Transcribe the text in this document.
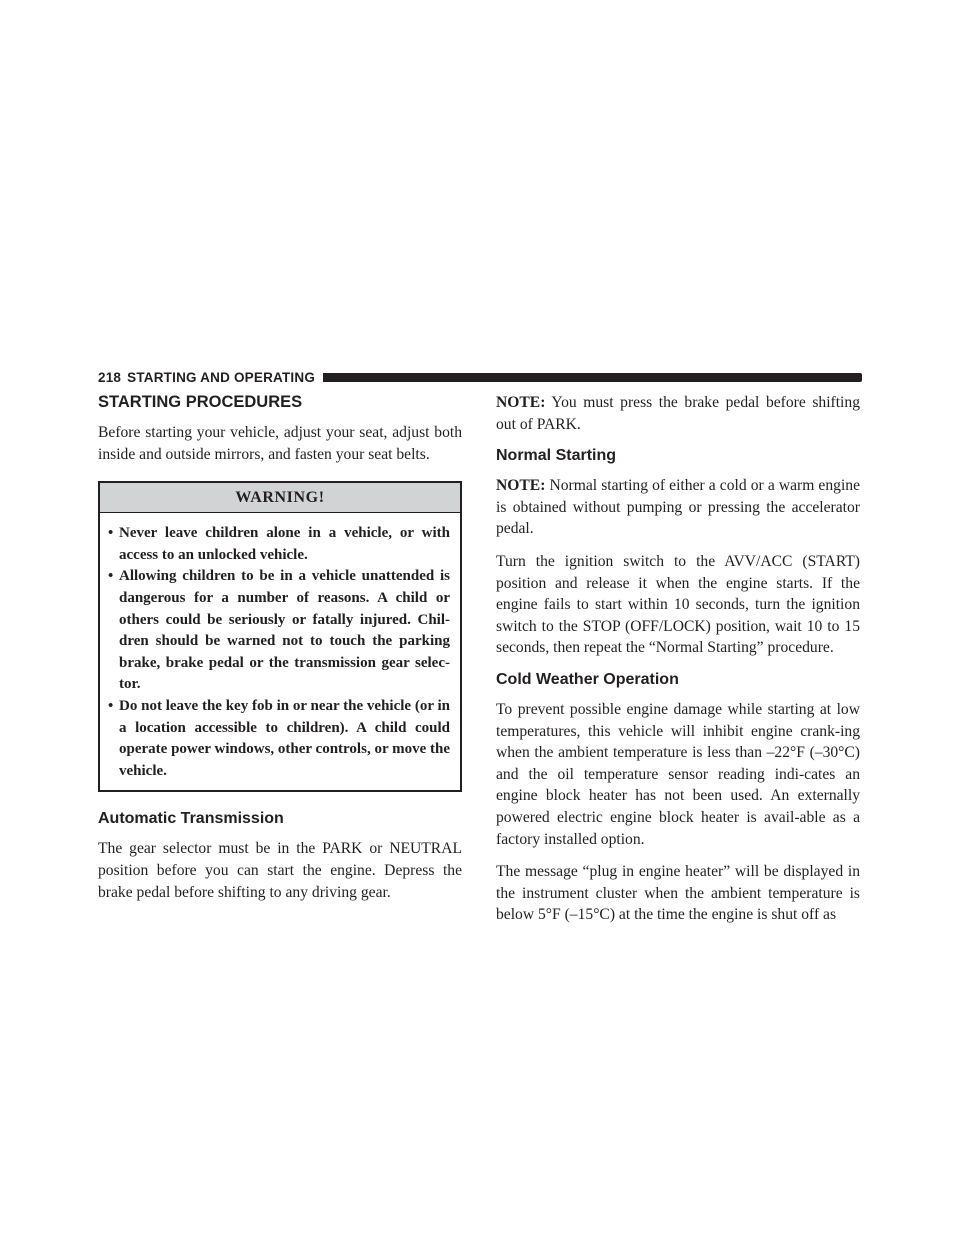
218 STARTING AND OPERATING
STARTING PROCEDURES

Before starting your vehicle, adjust your seat, adjust both inside and outside mirrors, and fasten your seat belts.

WARNING!
• Never leave children alone in a vehicle, or with access to an unlocked vehicle.
• Allowing children to be in a vehicle unattended is dangerous for a number of reasons. A child or others could be seriously or fatally injured. Chil-dren should be warned not to touch the parking brake, brake pedal or the transmission gear selec-tor.
• Do not leave the key fob in or near the vehicle (or in a location accessible to children). A child could operate power windows, other controls, or move the vehicle.
Automatic Transmission

The gear selector must be in the PARK or NEUTRAL position before you can start the engine. Depress the brake pedal before shifting to any driving gear.

NOTE: You must press the brake pedal before shifting out of PARK.

Normal Starting

NOTE: Normal starting of either a cold or a warm engine is obtained without pumping or pressing the accelerator pedal.

Turn the ignition switch to the AVV/ACC (START) position and release it when the engine starts. If the engine fails to start within 10 seconds, turn the ignition switch to the STOP (OFF/LOCK) position, wait 10 to 15 seconds, then repeat the “Normal Starting” procedure.

Cold Weather Operation

To prevent possible engine damage while starting at low temperatures, this vehicle will inhibit engine crank-ing when the ambient temperature is less than –22°F (–30°C) and the oil temperature sensor reading indi-cates an engine block heater has not been used. An externally powered electric engine block heater is avail-able as a factory installed option.

The message “plug in engine heater” will be displayed in the instrument cluster when the ambient temperature is below 5°F (–15°C) at the time the engine is shut off as
